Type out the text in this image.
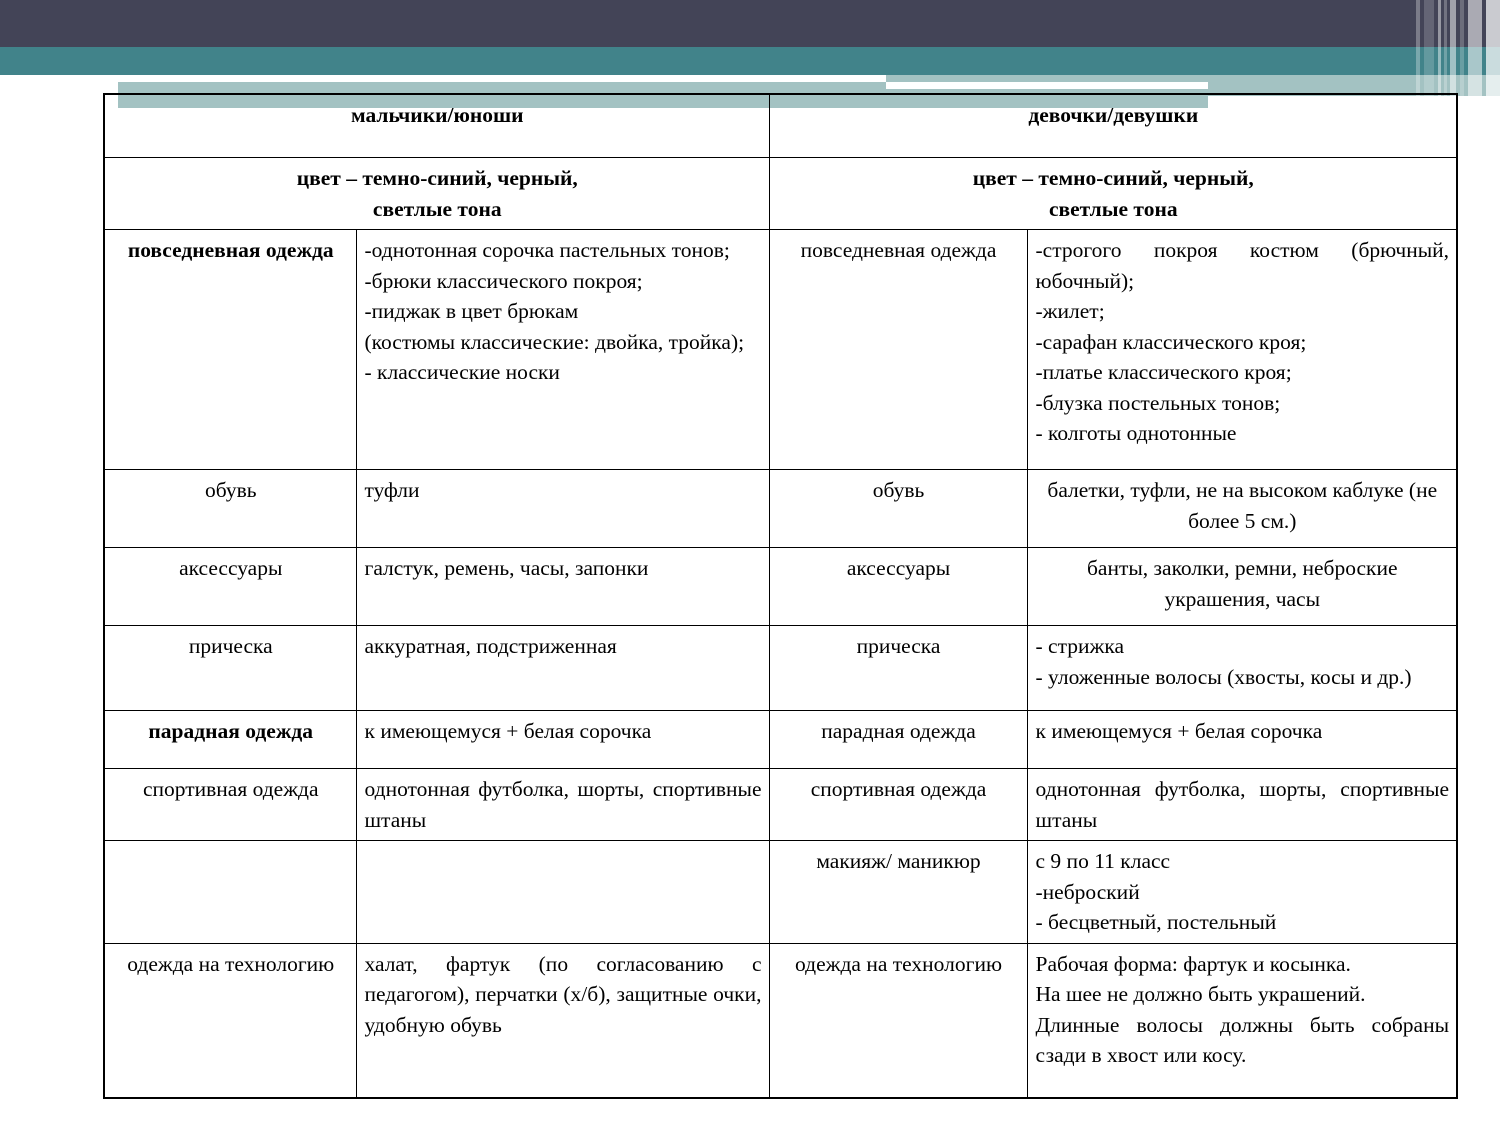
мальчики/юноши		девочки/девушки	

цвет – темно-синий, черный,
светлые тона		цвет – темно-синий, черный,
светлые тона	

повседневная одежда	-однотонная сорочка пастельных тонов;
-брюки классического покроя;
-пиджак в цвет брюкам
(костюмы классические: двойка, тройка);
- классические носки
	повседневная одежда	-строгого покроя костюм (брючный, юбочный);
-жилет;
-сарафан классического кроя;
-платье классического кроя;
-блузка постельных тонов;
- колготы однотонные

обувь	туфли	обувь	балетки, туфли, не на высоком каблуке (не более 5 см.)
аксессуары	галстук, ремень, часы, запонки	аксессуары	банты, заколки, ремни, неброские украшения, часы
прическа	аккуратная, подстриженная	прическа	- стрижка
- уложенные волосы (хвосты, косы и др.)

парадная одежда	к имеющемуся + белая сорочка	парадная одежда	к имеющемуся + белая сорочка
спортивная одежда	однотонная футболка, шорты, спортивные штаны	спортивная одежда	однотонная футболка, шорты, спортивные штаны
		макияж/ маникюр	с 9 по 11 класс
-неброский
- бесцветный, постельный

одежда на технологию	халат, фартук (по согласованию с педагогом), перчатки (х/б), защитные очки, удобную обувь	одежда на технологию	Рабочая форма: фартук и косынка.
На шее не должно быть украшений.
Длинные волосы должны быть собраны сзади в хвост или косу.
